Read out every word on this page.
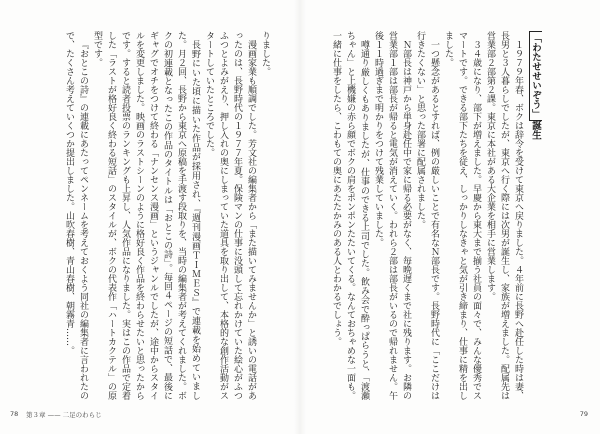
りました。

漫画家業も順調でした。芳文社の編集者から「また描いてみませんか」と誘いの電話があったのは、長野時代の１９７７年夏。保険マンの仕事に没頭して忘れかけていた絵心がふつふつとよみがえり、押し入れの奥にしまっていた道具を取り出して、本格的な創作活動がスタートしていたところでした。

長野にいた頃に描いた作品が採用され、『週刊漫画ＴＩＭＥＳ』で連載を始めていました。月２回、長野から東京へ原稿を手渡す段取りを、当時の編集者が考えてくれました。ボクの初連載となったこの作品のタイトルは「おとこの詩」。毎回４ページの短話で、最後にギャグでオチをつけて終わる「ナンセンス漫画」というジャンルでしたが、途中からスタイルを変更しました。映画のラストシーンのように格好良く作品を終わらせたいと思ったからです。すると読者投票のランキングも上昇し、人気作品になりました。実はこの作品で定着した「ラストが格好良く終わる短話」のスタイルが、ボクの代表作「ハートカクテル」の原型です。

『おとこの詩』の連載にあたってペンネームを考えておくよう同社の編集者に言われたので、たくさん考えていくつか提出しました。山吹春樹、青山春樹、朝霧青……。

78 第３章 —— 二足のわらじ
「わたせせいぞう」誕生

１９７９年春、ボクは辞令を受けて東京へ戻りました。４年前に長野へ赴任した時は妻、長男と３人暮らしでしたが、東京へ行く際には次男が誕生し、家族が増えました。配属先は営業部２部第２課。東京に本社がある大企業を相手に営業します。

３４歳になり、部下が増えました。早慶から東大まで揃う社員の面々で、みんな優秀でスマートです。できる部下たちを従え、しっかりしなきゃと気が引き締まり、仕事に精を出しました。

一つ懸念があるとすれば、例の厳しいことで有名なＮ部長です。長野時代に「ここだけは行きたくない」と思った部署に配属されました。

Ｎ部長は神戸から単身赴任中で家に帰る必要がなく、毎晩遅くまで社に残ります。お隣の営業部１部は部長が帰ると電気が消えていく。われら２部は部長がいるので帰れません。午後１１時過ぎまで明かりをつけて残業していました。

噂通り厳しくもありましたが、仕事のできる上司でした。飲み会で酔っぱらうと、「渡瀬ちゃん」と上機嫌の赤ら顔でボクの肩をポンポンたたいてくる。なんておちゃめな一面も。一緒に仕事をしたら、こわもての奥にあたたかみのある人とわかるでしょう。

79
